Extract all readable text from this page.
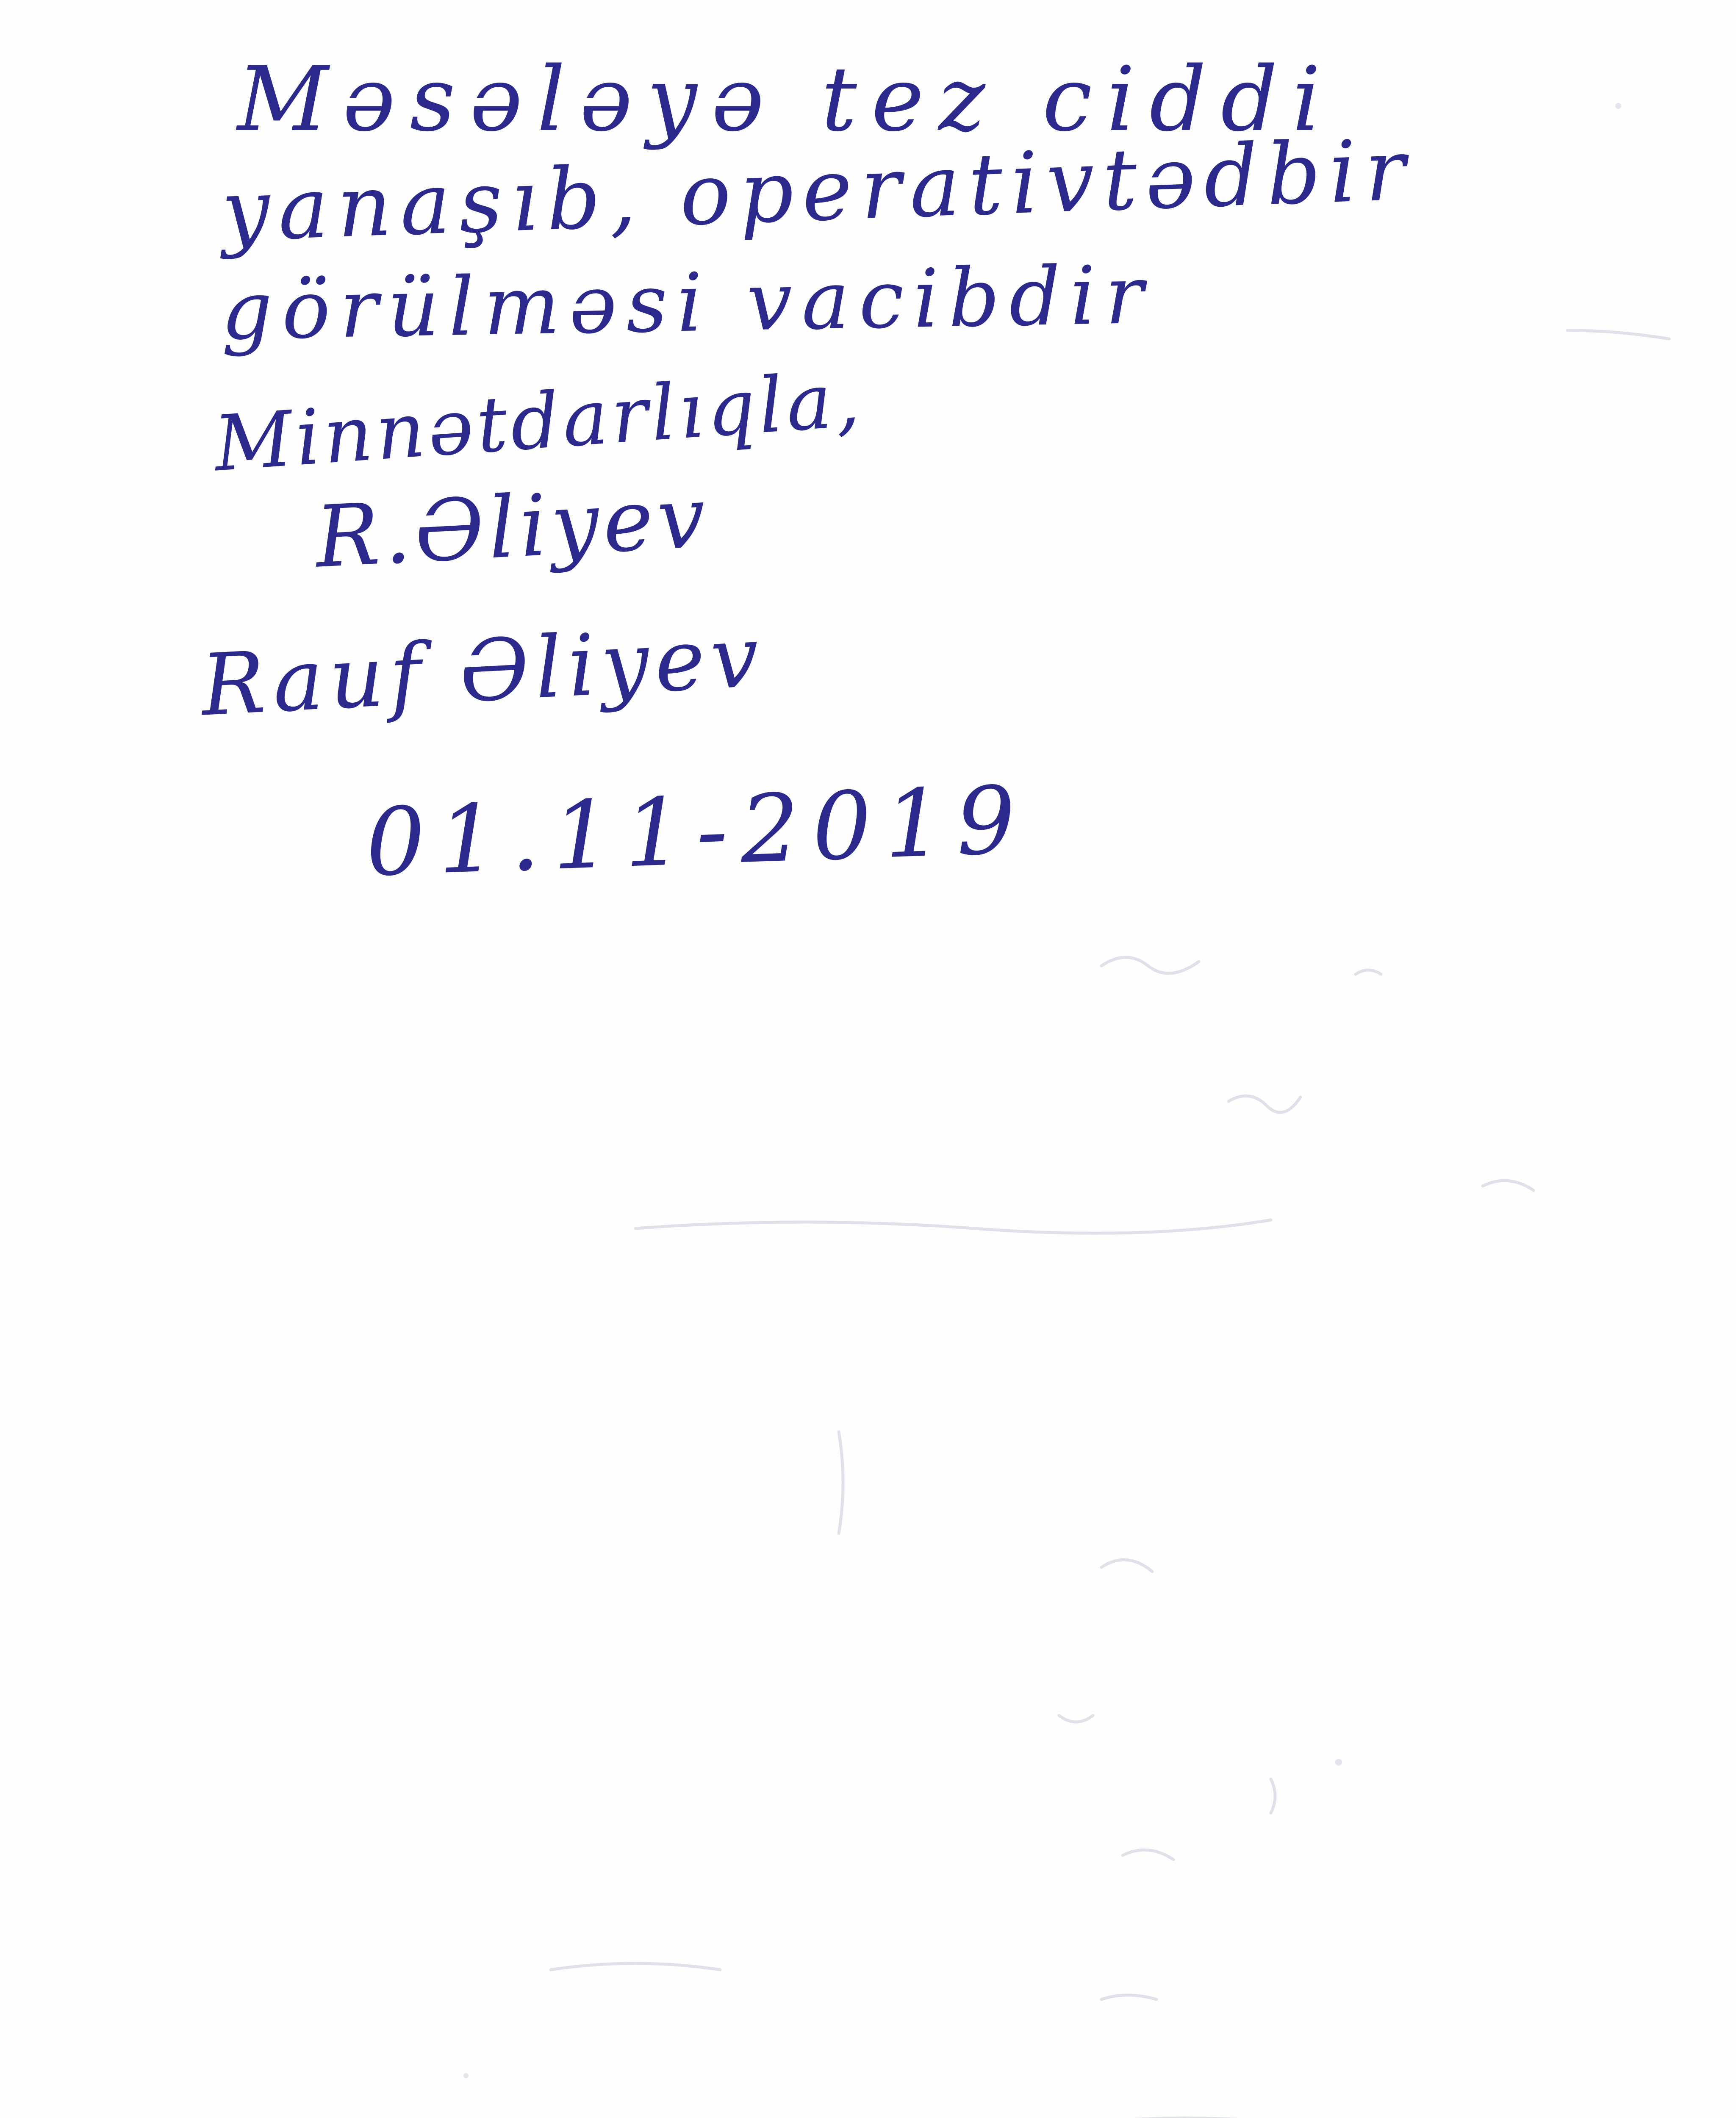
Məsələyə tez ciddi
yanaşıb, operativtədbir
görülməsi vacibdir
Minnətdarlıqla,
R.Əliyev
Rauf Əliyev
01.11-2019
